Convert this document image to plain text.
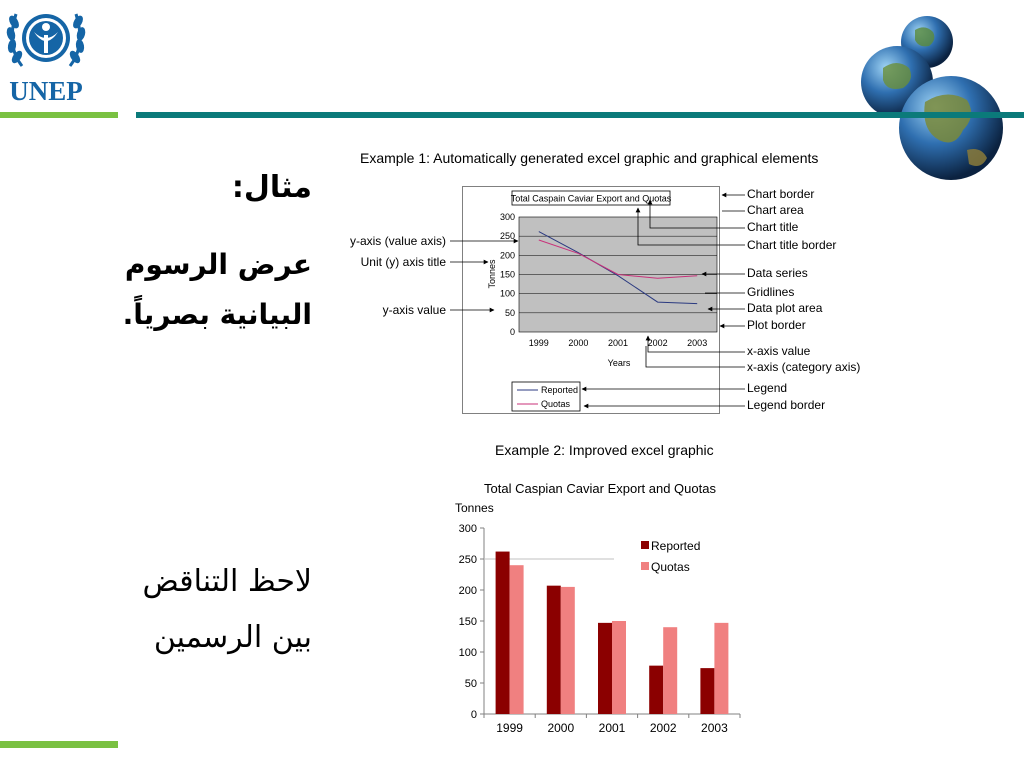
UNEP
مثال:
عرض الرسوم
البيانية بصرياً.
لاحظ التناقض
بين الرسمين
Example 1: Automatically generated excel graphic and graphical elements
Total Caspain Caviar Export and Quotas
0
50
100
150
200
250
300
1999 2000 2001 2002 2003
Tonnes
Years
Reported
Quotas
Chart border
Chart area
Chart title
Chart title border
Data series
Gridlines
Data plot area
Plot border
x-axis value
x-axis (category axis)
Legend
Legend border
y-axis (value axis)
Unit (y) axis title
y-axis value
Example 2: Improved excel graphic
Total Caspian Caviar Export and Quotas
Tonnes
0
50
100
150
200
250
300
1999 2000 2001 2002 2003
Reported
Quotas
